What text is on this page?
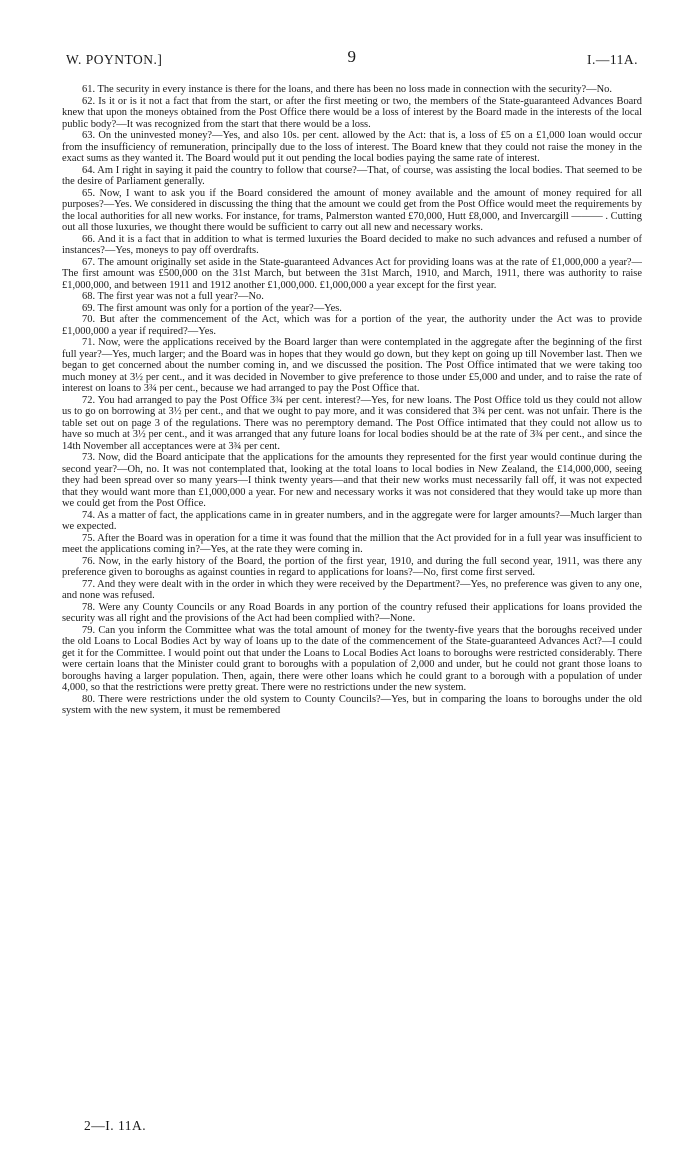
W. POYNTON.]	9	I.—11A.

61. The security in every instance is there for the loans, and there has been no loss made in connection with the security?—No.

62. Is it or is it not a fact that from the start, or after the first meeting or two, the members of the State-guaranteed Advances Board knew that upon the moneys obtained from the Post Office there would be a loss of interest by the Board made in the interests of the local public body?—It was recognized from the start that there would be a loss.

63. On the uninvested money?—Yes, and also 10s. per cent. allowed by the Act: that is, a loss of £5 on a £1,000 loan would occur from the insufficiency of remuneration, principally due to the loss of interest. The Board knew that they could not raise the money in the exact sums as they wanted it. The Board would put it out pending the local bodies paying the same rate of interest.

64. Am I right in saying it paid the country to follow that course?—That, of course, was assisting the local bodies. That seemed to be the desire of Parliament generally.

65. Now, I want to ask you if the Board considered the amount of money available and the amount of money required for all purposes?—Yes. We considered in discussing the thing that the amount we could get from the Post Office would meet the requirements by the local authorities for all new works. For instance, for trams, Palmerston wanted £70,000, Hutt £8,000, and Invercargill ——— . Cutting out all those luxuries, we thought there would be sufficient to carry out all new and necessary works.

66. And it is a fact that in addition to what is termed luxuries the Board decided to make no such advances and refused a number of instances?—Yes, moneys to pay off overdrafts.

67. The amount originally set aside in the State-guaranteed Advances Act for providing loans was at the rate of £1,000,000 a year?—The first amount was £500,000 on the 31st March, but between the 31st March, 1910, and March, 1911, there was authority to raise £1,000,000, and between 1911 and 1912 another £1,000,000. £1,000,000 a year except for the first year.

68. The first year was not a full year?—No.

69. The first amount was only for a portion of the year?—Yes.

70. But after the commencement of the Act, which was for a portion of the year, the authority under the Act was to provide £1,000,000 a year if required?—Yes.

71. Now, were the applications received by the Board larger than were contemplated in the aggregate after the beginning of the first full year?—Yes, much larger; and the Board was in hopes that they would go down, but they kept on going up till November last. Then we began to get concerned about the number coming in, and we discussed the position. The Post Office intimated that we were taking too much money at 3½ per cent., and it was decided in November to give preference to those under £5,000 and under, and to raise the rate of interest on loans to 3¾ per cent., because we had arranged to pay the Post Office that.

72. You had arranged to pay the Post Office 3¾ per cent. interest?—Yes, for new loans. The Post Office told us they could not allow us to go on borrowing at 3½ per cent., and that we ought to pay more, and it was considered that 3¾ per cent. was not unfair. There is the table set out on page 3 of the regulations. There was no peremptory demand. The Post Office intimated that they could not allow us to have so much at 3½ per cent., and it was arranged that any future loans for local bodies should be at the rate of 3¾ per cent., and since the 14th November all acceptances were at 3¾ per cent.

73. Now, did the Board anticipate that the applications for the amounts they represented for the first year would continue during the second year?—Oh, no. It was not contemplated that, looking at the total loans to local bodies in New Zealand, the £14,000,000, seeing they had been spread over so many years—I think twenty years—and that their new works must necessarily fall off, it was not expected that they would want more than £1,000,000 a year. For new and necessary works it was not considered that they would take up more than we could get from the Post Office.

74. As a matter of fact, the applications came in in greater numbers, and in the aggregate were for larger amounts?—Much larger than we expected.

75. After the Board was in operation for a time it was found that the million that the Act provided for in a full year was insufficient to meet the applications coming in?—Yes, at the rate they were coming in.

76. Now, in the early history of the Board, the portion of the first year, 1910, and during the full second year, 1911, was there any preference given to boroughs as against counties in regard to applications for loans?—No, first come first served.

77. And they were dealt with in the order in which they were received by the Department?—Yes, no preference was given to any one, and none was refused.

78. Were any County Councils or any Road Boards in any portion of the country refused their applications for loans provided the security was all right and the provisions of the Act had been complied with?—None.

79. Can you inform the Committee what was the total amount of money for the twenty-five years that the boroughs received under the old Loans to Local Bodies Act by way of loans up to the date of the commencement of the State-guaranteed Advances Act?—I could get it for the Committee. I would point out that under the Loans to Local Bodies Act loans to boroughs were restricted considerably. There were certain loans that the Minister could grant to boroughs with a population of 2,000 and under, but he could not grant those loans to boroughs having a larger population. Then, again, there were other loans which he could grant to a borough with a population of under 4,000, so that the restrictions were pretty great. There were no restrictions under the new system.

80. There were restrictions under the old system to County Councils?—Yes, but in comparing the loans to boroughs under the old system with the new system, it must be remembered

2—I. 11A.
